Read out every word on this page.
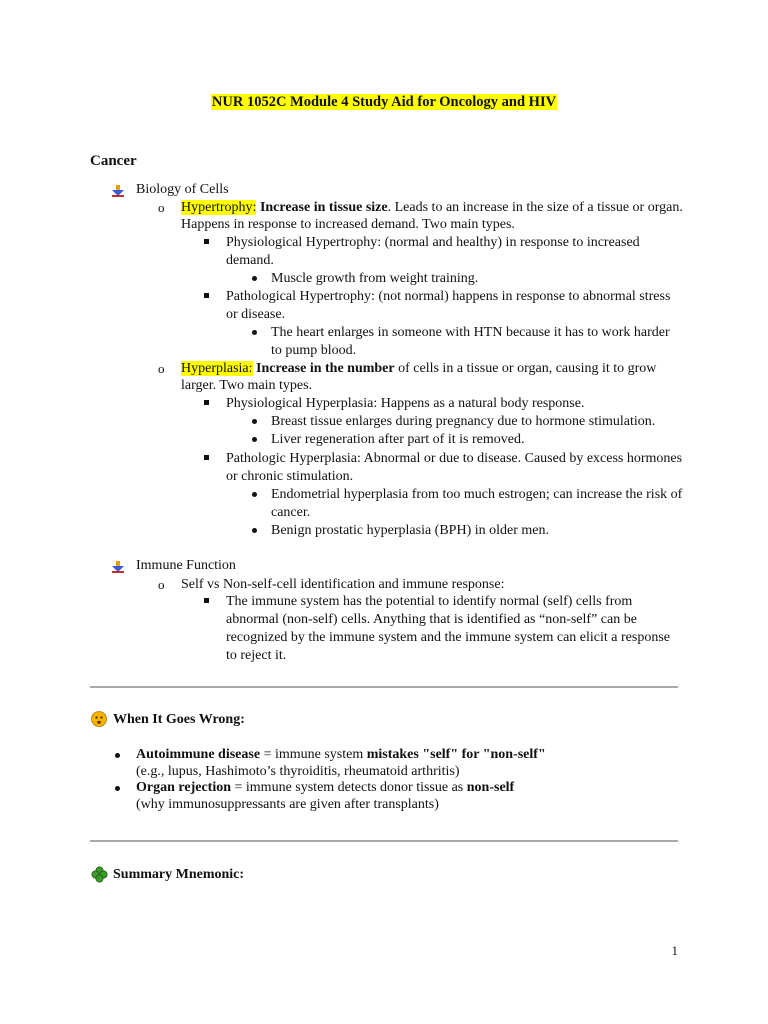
NUR 1052C Module 4 Study Aid for Oncology and HIV
Cancer
Biology of Cells
o Hypertrophy: Increase in tissue size. Leads to an increase in the size of a tissue or organ.
Happens in response to increased demand. Two main types.
Physiological Hypertrophy: (normal and healthy) in response to increased
demand.
Muscle growth from weight training.
Pathological Hypertrophy: (not normal) happens in response to abnormal stress
or disease.
The heart enlarges in someone with HTN because it has to work harder
to pump blood.
o Hyperplasia: Increase in the number of cells in a tissue or organ, causing it to grow
larger. Two main types.
Physiological Hyperplasia: Happens as a natural body response.
Breast tissue enlarges during pregnancy due to hormone stimulation.
Liver regeneration after part of it is removed.
Pathologic Hyperplasia: Abnormal or due to disease. Caused by excess hormones
or chronic stimulation.
Endometrial hyperplasia from too much estrogen; can increase the risk of
cancer.
Benign prostatic hyperplasia (BPH) in older men.
Immune Function
o Self vs Non-self-cell identification and immune response:
The immune system has the potential to identify normal (self) cells from
abnormal (non-self) cells. Anything that is identified as “non-self” can be
recognized by the immune system and the immune system can elicit a response
to reject it.
When It Goes Wrong:
Autoimmune disease = immune system mistakes "self" for "non-self"
(e.g., lupus, Hashimoto’s thyroiditis, rheumatoid arthritis)
Organ rejection = immune system detects donor tissue as non-self
(why immunosuppressants are given after transplants)
Summary Mnemonic:
1
